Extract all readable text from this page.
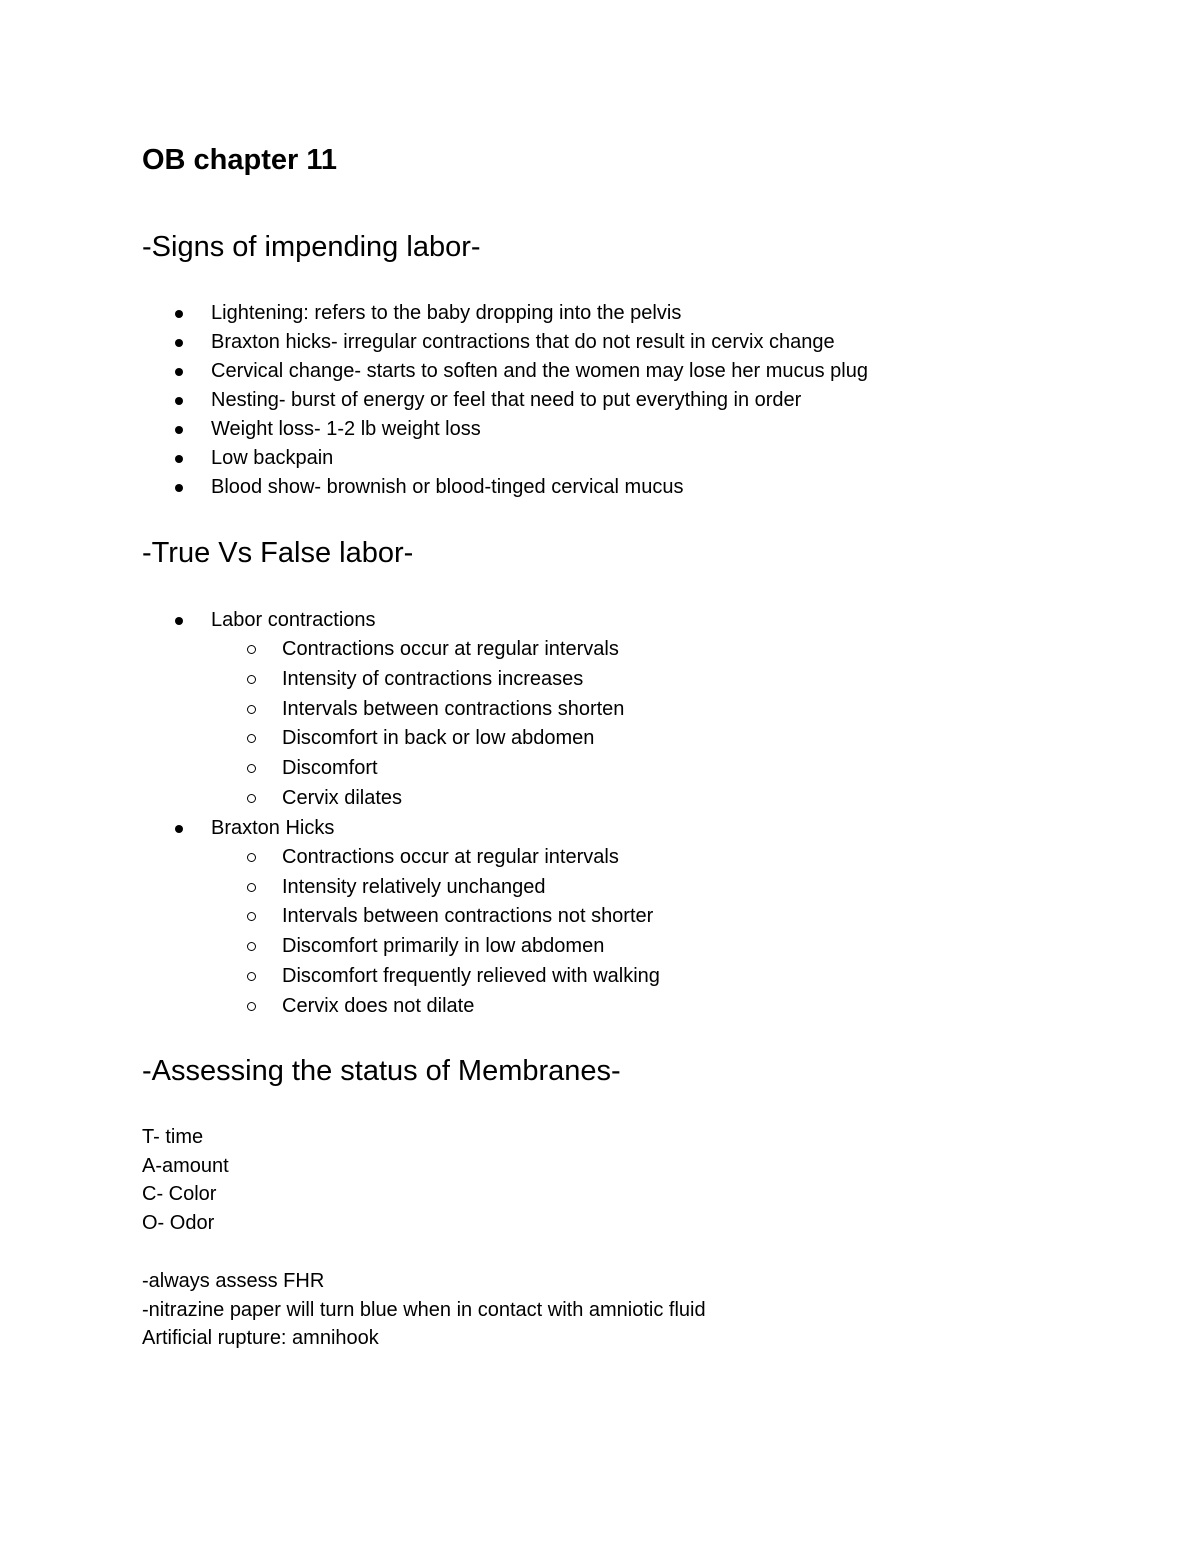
OB chapter 11
-Signs of impending labor-
Lightening: refers to the baby dropping into the pelvis
Braxton hicks- irregular contractions that do not result in cervix change
Cervical change- starts to soften and the women may lose her mucus plug
Nesting- burst of energy or feel that need to put everything in order
Weight loss- 1-2 lb weight loss
Low backpain
Blood show- brownish or blood-tinged cervical mucus
-True Vs False labor-
Labor contractions
Contractions occur at regular intervals
Intensity of contractions increases
Intervals between contractions shorten
Discomfort in back or low abdomen
Discomfort
Cervix dilates
Braxton Hicks
Contractions occur at regular intervals
Intensity relatively unchanged
Intervals between contractions not shorter
Discomfort primarily in low abdomen
Discomfort frequently relieved with walking
Cervix does not dilate
-Assessing the status of Membranes-
T- time
A-amount
C- Color
O- Odor
-always assess FHR
-nitrazine paper will turn blue when in contact with amniotic fluid
Artificial rupture: amnihook
